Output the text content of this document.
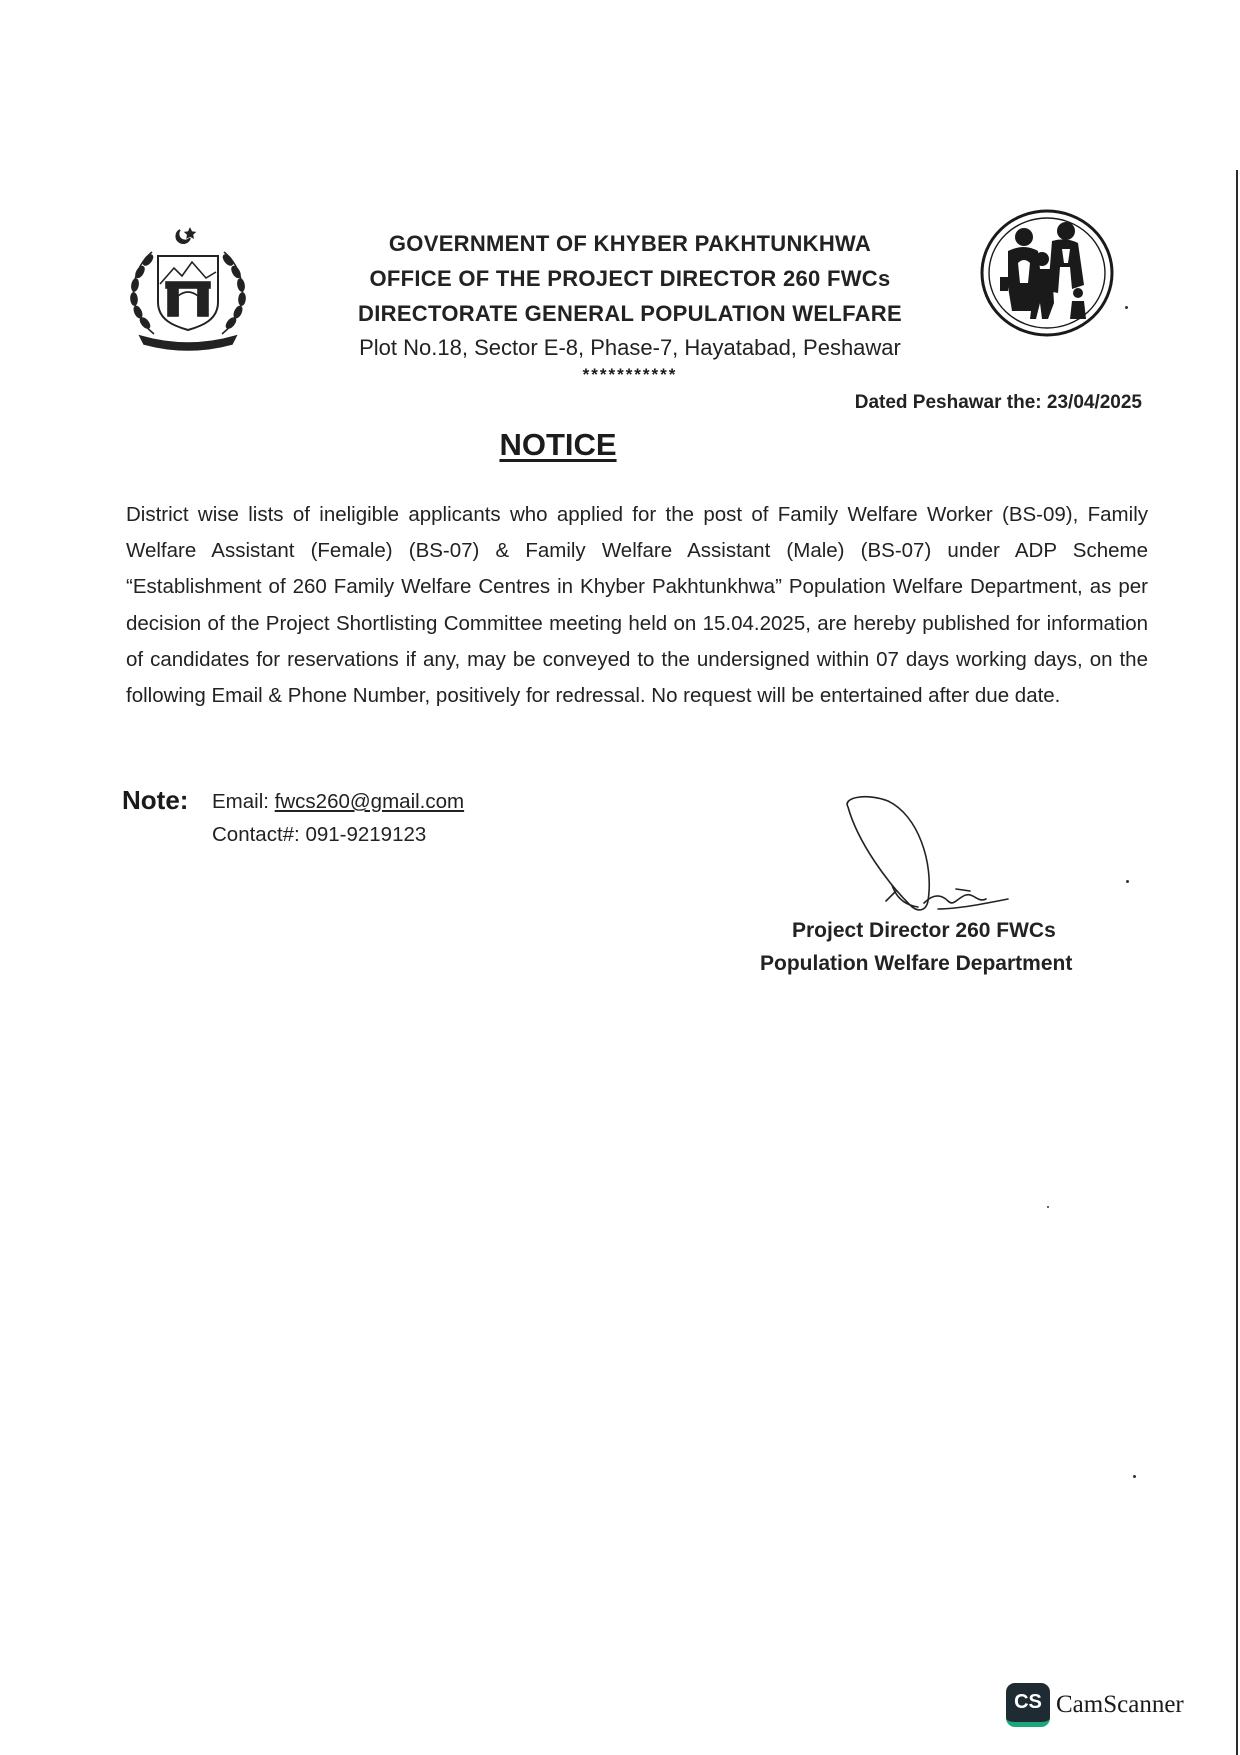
GOVERNMENT OF KHYBER PAKHTUNKHWA
OFFICE OF THE PROJECT DIRECTOR 260 FWCs
DIRECTORATE GENERAL POPULATION WELFARE
Plot No.18, Sector E-8, Phase-7, Hayatabad, Peshawar
***********
Dated Peshawar the: 23/04/2025
NOTICE
District wise lists of ineligible applicants who applied for the post of Family Welfare Worker (BS-09), Family Welfare Assistant (Female) (BS-07) & Family Welfare Assistant (Male) (BS-07) under ADP Scheme “Establishment of 260 Family Welfare Centres in Khyber Pakhtunkhwa” Population Welfare Department, as per decision of the Project Shortlisting Committee meeting held on 15.04.2025, are hereby published for information of candidates for reservations if any, may be conveyed to the undersigned within 07 days working days, on the following Email & Phone Number, positively for redressal. No request will be entertained after due date.
Note: Email: fwcs260@gmail.com
Contact#: 091-9219123
Project Director 260 FWCs
Population Welfare Department
CS CamScanner
